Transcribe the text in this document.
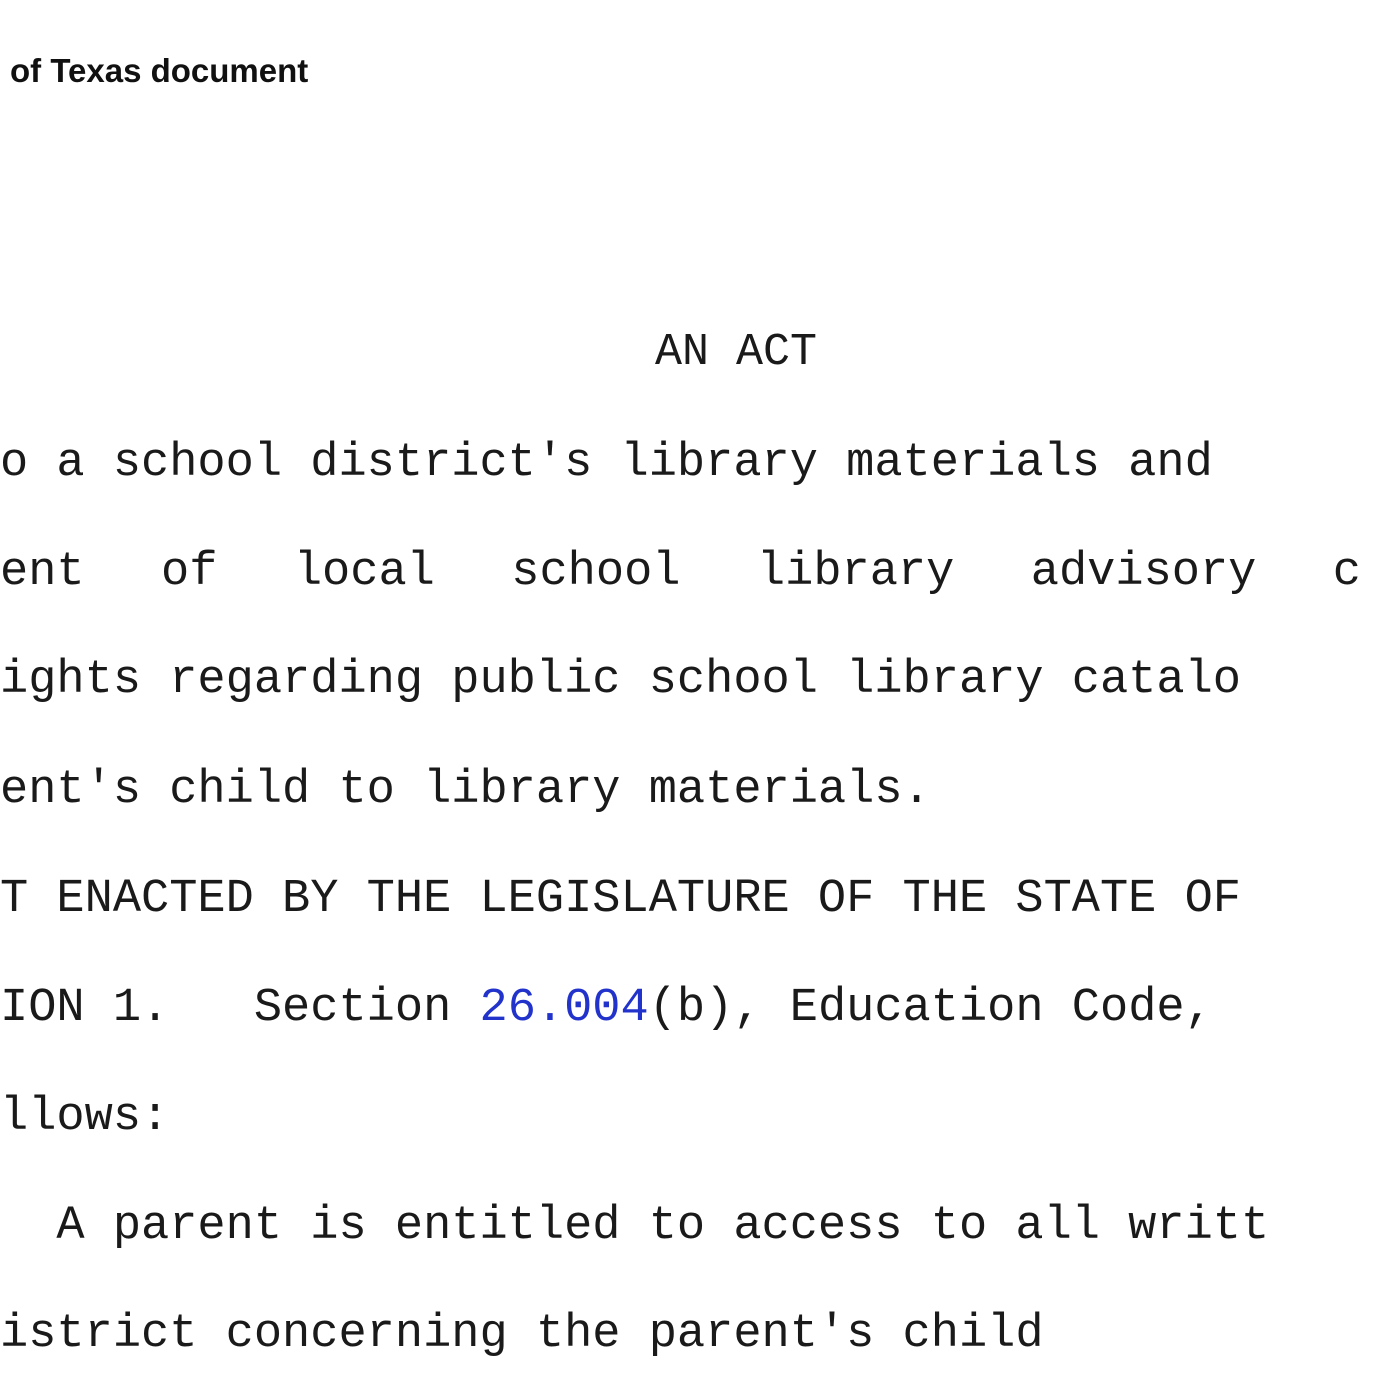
of Texas document
AN ACT
o a school district's library materials and
ent  of  local  school  library  advisory  c
ights regarding public school library catalo
ent's child to library materials.
T ENACTED BY THE LEGISLATURE OF THE STATE OF
ION 1.   Section 26.004(b), Education Code,
llows:
A parent is entitled to access to all writt
istrict concerning the parent's child
